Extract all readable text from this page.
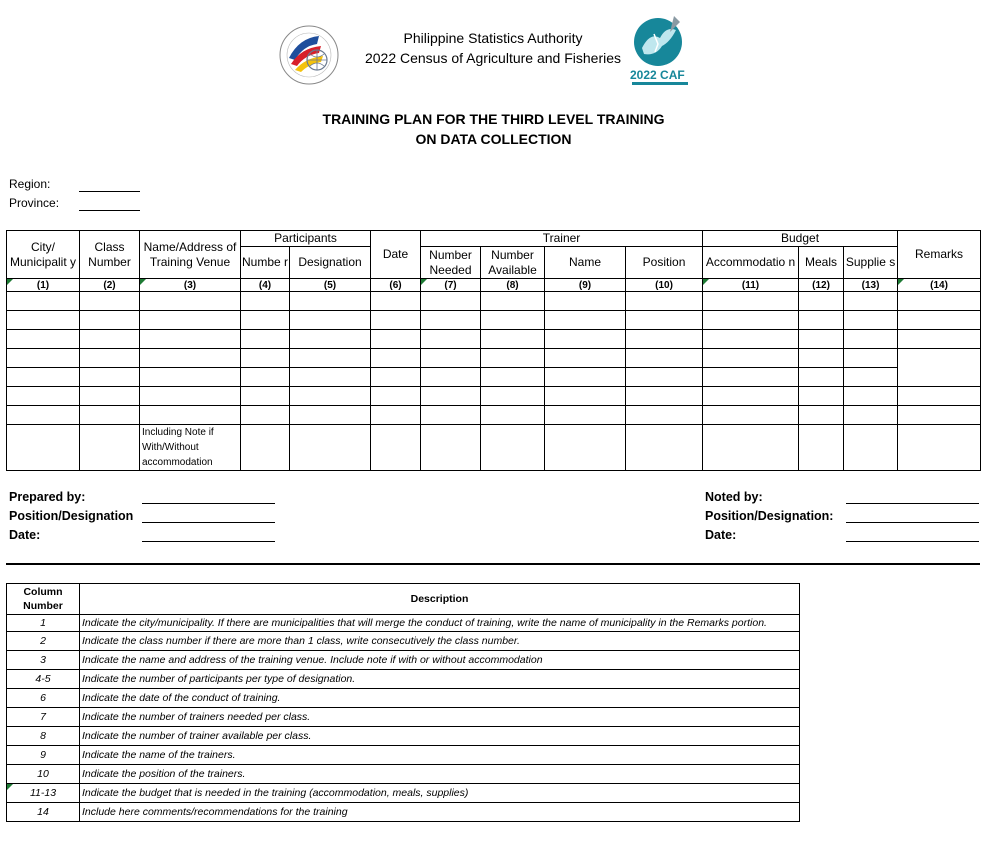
2022 CAF
Philippine Statistics Authority
2022 Census of Agriculture and Fisheries
TRAINING PLAN FOR THE THIRD LEVEL TRAINING
ON DATA COLLECTION
Region:
Province:
City/ Municipalit y	Class Number	Name/Address of Training Venue	Participants		Date	Trainer				Budget			Remarks
			Numbe r	Designation		Number Needed	Number Available	Name	Position	Accommodatio n	Meals	Supplie s	

(1)	(2)	(3)	(4)	(5)	(6)	(7)	(8)	(9)	(10)	(11)	(12)	(13)	(14)

		Including Note if With/Without accommodation											
Prepared by:
Position/Designation
Date:
Noted by:
Position/Designation:
Date:
Column Number	Description
1	Indicate the city/municipality. If there are municipalities that will merge the conduct of training, write the name of municipality in the Remarks portion.
2	Indicate the class number if there are more than 1 class, write consecutively the class number.
3	Indicate the name and address of the training venue. Include note if with or without accommodation
4-5	Indicate the number of participants per type of designation.
6	Indicate the date of the conduct of training.
7	Indicate the number of trainers needed per class.
8	Indicate the number of trainer available per class.
9	Indicate the name of the trainers.
10	Indicate the position of the trainers.

11-13	Indicate the budget that is needed in the training (accommodation, meals, supplies)
14	Include here comments/recommendations for the training
